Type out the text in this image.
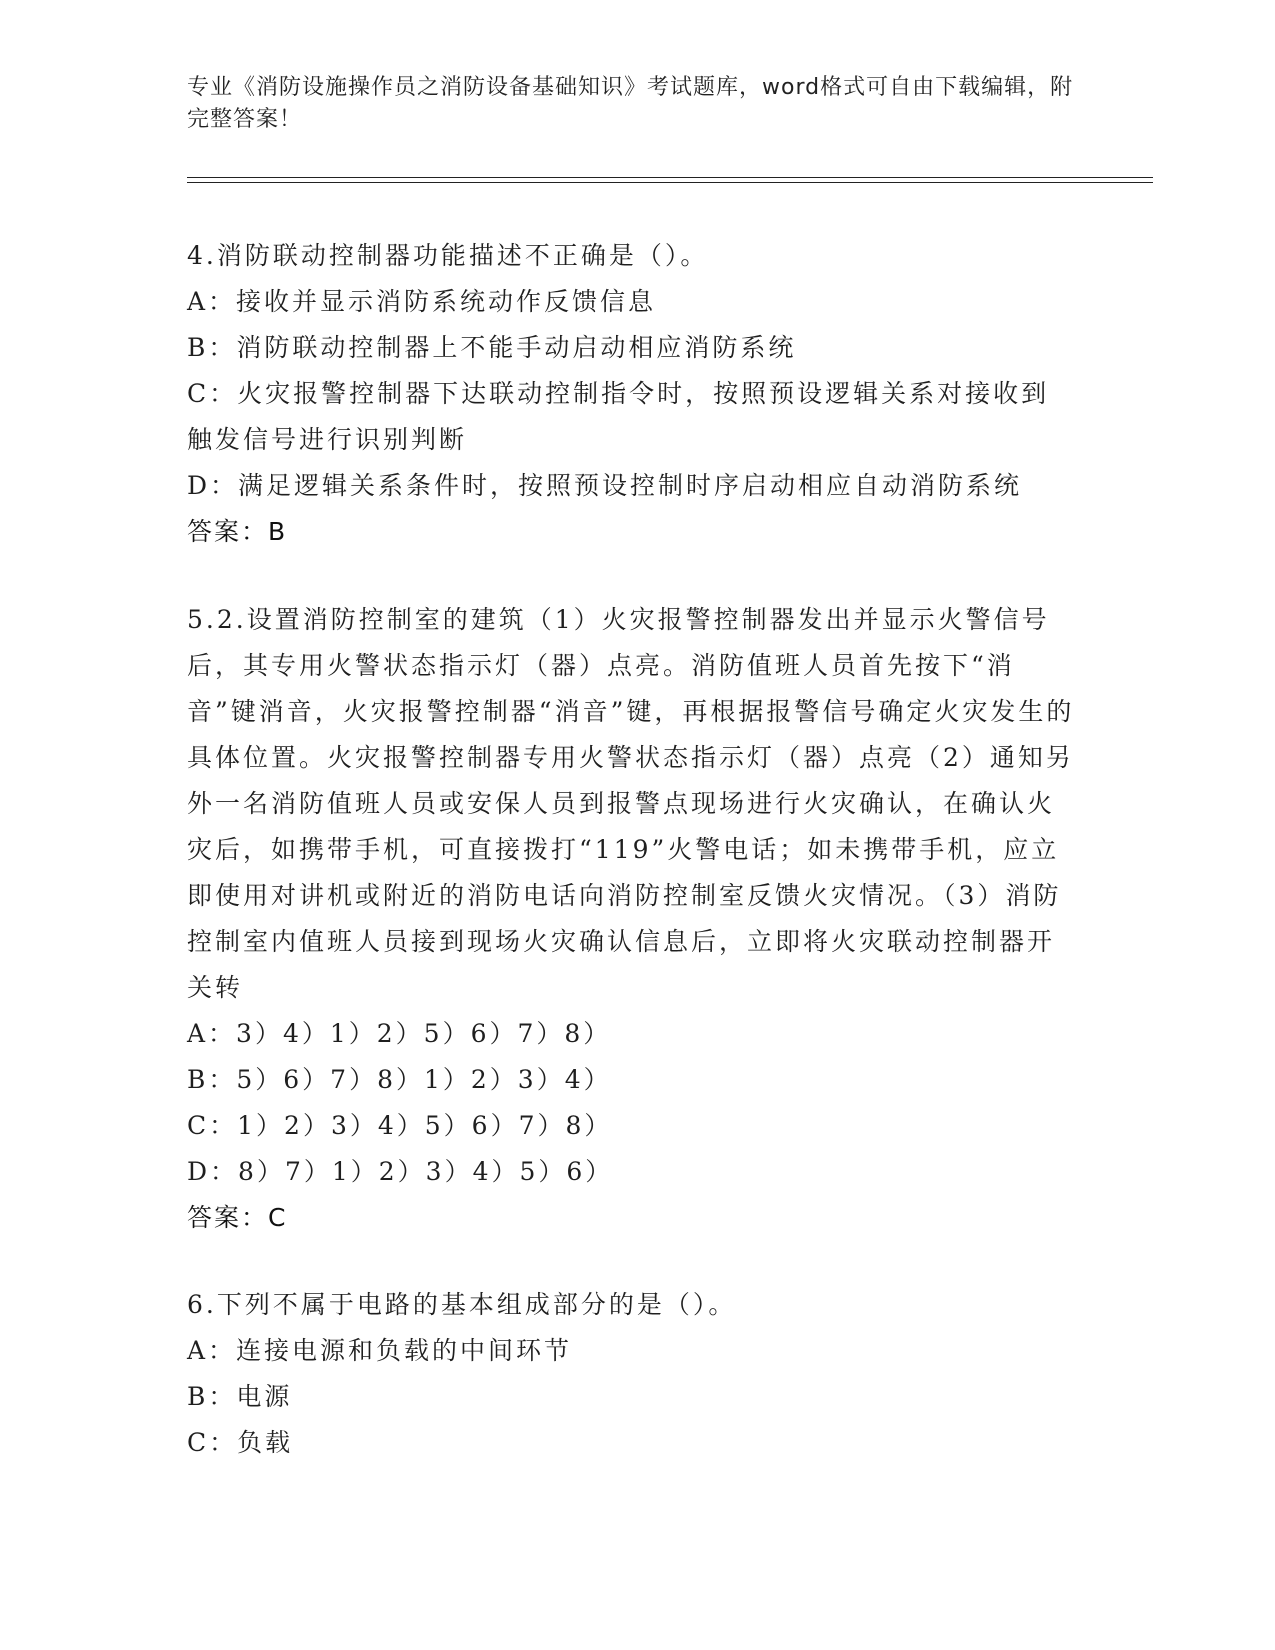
专业《消防设施操作员之消防设备基础知识》考试题库，word格式可自由下载编辑，附完整答案！

4.消防联动控制器功能描述不正确是（）。

A：接收并显示消防系统动作反馈信息

B：消防联动控制器上不能手动启动相应消防系统

C：火灾报警控制器下达联动控制指令时，按照预设逻辑关系对接收到触发信号进行识别判断

D：满足逻辑关系条件时，按照预设控制时序启动相应自动消防系统

答案：B

5.2.设置消防控制室的建筑（1）火灾报警控制器发出并显示火警信号后，其专用火警状态指示灯（器）点亮。消防值班人员首先按下“消音”键消音，火灾报警控制器“消音”键，再根据报警信号确定火灾发生的具体位置。火灾报警控制器专用火警状态指示灯（器）点亮（2）通知另外一名消防值班人员或安保人员到报警点现场进行火灾确认，在确认火灾后，如携带手机，可直接拨打“119”火警电话；如未携带手机，应立即使用对讲机或附近的消防电话向消防控制室反馈火灾情况。（3）消防控制室内值班人员接到现场火灾确认信息后，立即将火灾联动控制器开关转

A：3）4）1）2）5）6）7）8）

B：5）6）7）8）1）2）3）4）

C：1）2）3）4）5）6）7）8）

D：8）7）1）2）3）4）5）6）

答案：C

6.下列不属于电路的基本组成部分的是（）。

A：连接电源和负载的中间环节

B：电源

C：负载
